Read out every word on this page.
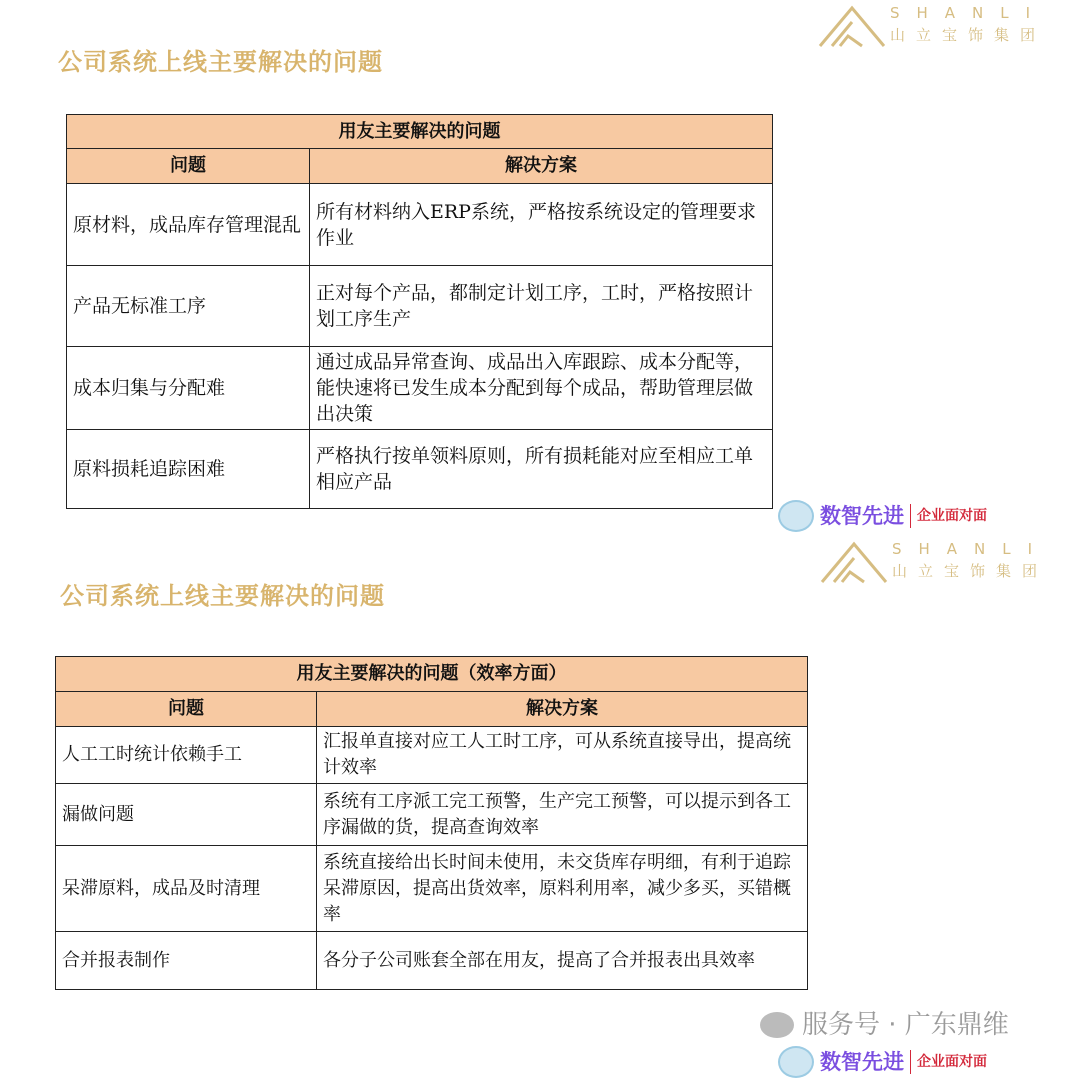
SHANLI
山立宝饰集团
公司系统上线主要解决的问题
用友主要解决的问题	
问题	解决方案
原材料，成品库存管理混乱	所有材料纳入ERP系统，严格按系统设定的管理要求作业
产品无标准工序	正对每个产品，都制定计划工序，工时，严格按照计划工序生产
成本归集与分配难	通过成品异常查询、成品出入库跟踪、成本分配等，能快速将已发生成本分配到每个成品，帮助管理层做出决策
原料损耗追踪困难	严格执行按单领料原则，所有损耗能对应至相应工单相应产品
数智先进 企业面对面
SHANLI
山立宝饰集团
公司系统上线主要解决的问题
用友主要解决的问题（效率方面）	
问题	解决方案
人工工时统计依赖手工	汇报单直接对应工人工时工序，可从系统直接导出，提高统计效率
漏做问题	系统有工序派工完工预警，生产完工预警，可以提示到各工序漏做的货，提高查询效率
呆滞原料，成品及时清理	系统直接给出长时间未使用，未交货库存明细，有利于追踪呆滞原因，提高出货效率，原料利用率，减少多买，买错概率
合并报表制作	各分子公司账套全部在用友，提高了合并报表出具效率
服务号 · 广东鼎维
数智先进 企业面对面
